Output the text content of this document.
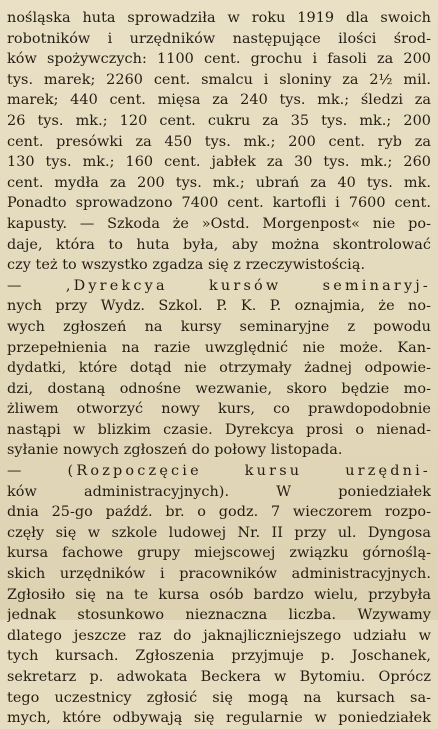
nośląska huta sprowadziła w roku 1919 dla swoich
robotników i urzędników następujące ilości środ-
ków spożywczych: 1100 cent. grochu i fasoli za 200
tys. marek; 2260 cent. smalcu i sloniny za 2½ mil.
marek; 440 cent. mięsa za 240 tys. mk.; śledzi za
26 tys. mk.; 120 cent. cukru za 35 tys. mk.; 200
cent. presówki za 450 tys. mk.; 200 cent. ryb za
130 tys. mk.; 160 cent. jabłek za 30 tys. mk.; 260
cent. mydła za 200 tys. mk.; ubrań za 40 tys. mk.
Ponadto sprowadzono 7400 cent. kartofli i 7600 cent.
kapusty. — Szkoda że »Ostd. Morgenpost« nie po-
daje, która to huta była, aby można skontrolować
czy też to wszystko zgadza się z rzeczywistością.
— ,Dyrekcya kursów seminaryj-
nych przy Wydz. Szkol. P. K. P. oznajmia, że no-
wych zgłoszeń na kursy seminaryjne z powodu
przepełnienia na razie uwzględnić nie może. Kan-
dydatki, które dotąd nie otrzymały żadnej odpowie-
dzi, dostaną odnośne wezwanie, skoro będzie mo-
żliwem otworzyć nowy kurs, co prawdopodobnie
nastąpi w blizkim czasie. Dyrekcya prosi o nienad-
syłanie nowych zgłoszeń do połowy listopada.
— (Rozpoczęcie kursu urzędni-
ków administracyjnych). W poniedziałek
dnia 25-go paźdź. br. o godz. 7 wieczorem rozpo-
częły się w szkole ludowej Nr. II przy ul. Dyngosa
kursa fachowe grupy miejscowej związku górnoślą-
skich urzędników i pracowników administracyjnych.
Zgłosiło się na te kursa osób bardzo wielu, przybyła
jednak stosunkowo nieznaczna liczba. Wzywamy
dlatego jeszcze raz do jaknajliczniejszego udziału w
tych kursach. Zgłoszenia przyjmuje p. Joschanek,
sekretarz p. adwokata Beckera w Bytomiu. Oprócz
tego uczestnicy zgłosić się mogą na kursach sa-
mych, które odbywają się regularnie w poniedziałek
